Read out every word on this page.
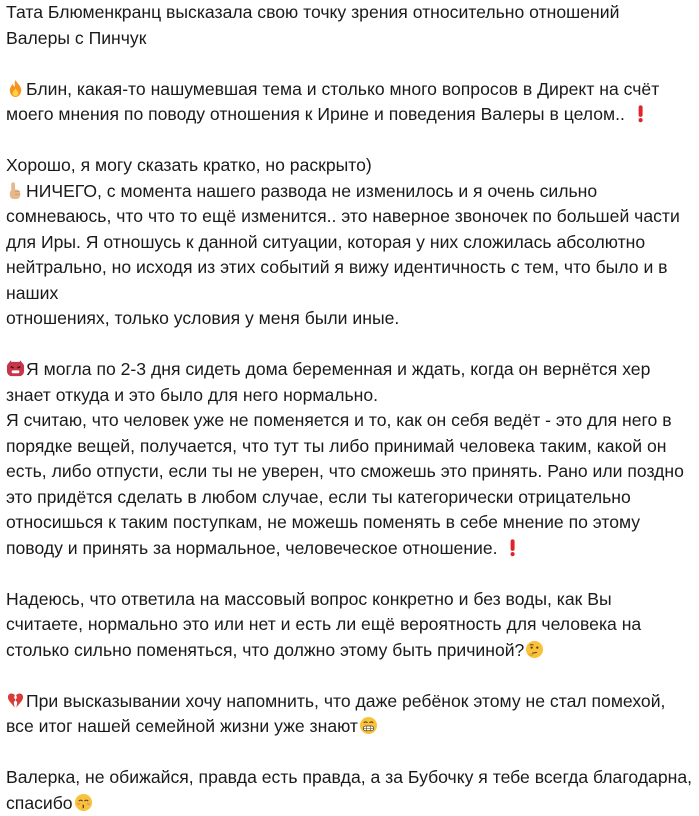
Тата Блюменкранц высказала свою точку зрения относительно отношений
Валеры с Пинчук
Блин, какая-то нашумевшая тема и столько много вопросов в Директ на счёт
моего мнения по поводу отношения к Ирине и поведения Валеры в целом..
Хорошо, я могу сказать кратко, но раскрыто)
НИЧЕГО, с момента нашего развода не изменилось и я очень сильно
сомневаюсь, что что то ещё изменится.. это наверное звоночек по большей части
для Иры. Я отношусь к данной ситуации, которая у них сложилась абсолютно
нейтрально, но исходя из этих событий я вижу идентичность с тем, что было и в
наших
отношениях, только условия у меня были иные.
Я могла по 2-3 дня сидеть дома беременная и ждать, когда он вернётся хер
знает откуда и это было для него нормально.
Я считаю, что человек уже не поменяется и то, как он себя ведёт - это для него в
порядке вещей, получается, что тут ты либо принимай человека таким, какой он
есть, либо отпусти, если ты не уверен, что сможешь это принять. Рано или поздно
это придётся сделать в любом случае, если ты категорически отрицательно
относишься к таким поступкам, не можешь поменять в себе мнение по этому
поводу и принять за нормальное, человеческое отношение.
Надеюсь, что ответила на массовый вопрос конкретно и без воды, как Вы
считаете, нормально это или нет и есть ли ещё вероятность для человека на
столько сильно поменяться, что должно этому быть причиной?
При высказывании хочу напомнить, что даже ребёнок этому не стал помехой,
все итог нашей семейной жизни уже знают
Валерка, не обижайся, правда есть правда, а за Бубочку я тебе всегда благодарна,
спасибо
